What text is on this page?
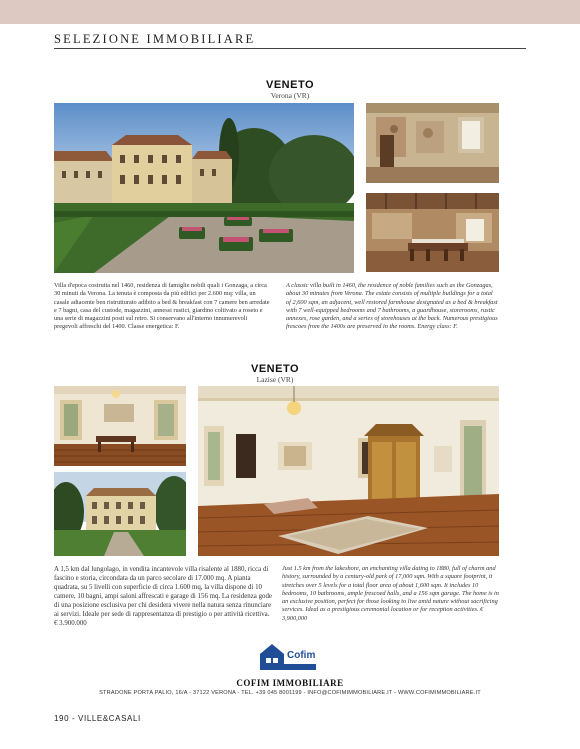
SELEZIONE IMMOBILIARE
VENETO
Verona (VR)

Villa d'epoca costruita nel 1460, residenza di famiglie nobili quali i Gonzaga, a circa 30 minuti da Verona. La tenuta è composta da più edifici per 2.600 mq: villa, un casale adiacente ben ristrutturato adibito a bed & breakfast con 7 camere ben arredate e 7 bagni, casa del custode, magazzini, annessi rustici, giardino coltivato a roseto e una serie di magazzini posti sul retro. Si conservano all'interno innumerevoli pregevoli affreschi del 1400. Classe energetica: F.

A classic villa built in 1460, the residence of noble families such as the Gonzagas, about 30 minutes from Verona. The estate consists of multiple buildings for a total of 2,600 sqm, an adjacent, well restored farmhouse designated as a bed & breakfast with 7 well-equipped bedrooms and 7 bathrooms, a guardhouse, storerooms, rustic annexes, rose garden, and a series of storehouses at the back. Numerous prestigious frescoes from the 1400s are preserved in the rooms. Energy class: F.

VENETO
Lazise (VR)

A 1,5 km dal lungolago, in vendita incantevole villa risalente al 1880, ricca di fascino e storia, circondata da un parco secolare di 17.000 mq. A pianta quadrata, su 5 livelli con superficie di circa 1.600 mq, la villa dispone di 10 camere, 10 bagni, ampi saloni affrescati e garage di 156 mq. La residenza gode di una posizione esclusiva per chi desidera vivere nella natura senza rinunciare ai servizi. Ideale per sede di rappresentanza di prestigio o per attività ricettiva. € 3.900.000

Just 1.5 km from the lakeshore, an enchanting villa dating to 1880, full of charm and history, surrounded by a century-old park of 17,000 sqm. With a square footprint, it stretches over 5 levels for a total floor area of about 1,600 sqm. It includes 10 bedrooms, 10 bathrooms, ample frescoed halls, and a 156 sqm garage. The home is in an exclusive position, perfect for those looking to live amid nature without sacrificing services. Ideal as a prestigious ceremonial location or for reception activities. € 3,900,000

Cofim
COFIM IMMOBILIARE
STRADONE PORTA PALIO, 16/A - 37122 VERONA - TEL. +39 045 8001199 - INFO@COFIMIMMOBILIARE.IT - WWW.COFIMIMMOBILIARE.IT
190 - VILLE&CASALI
